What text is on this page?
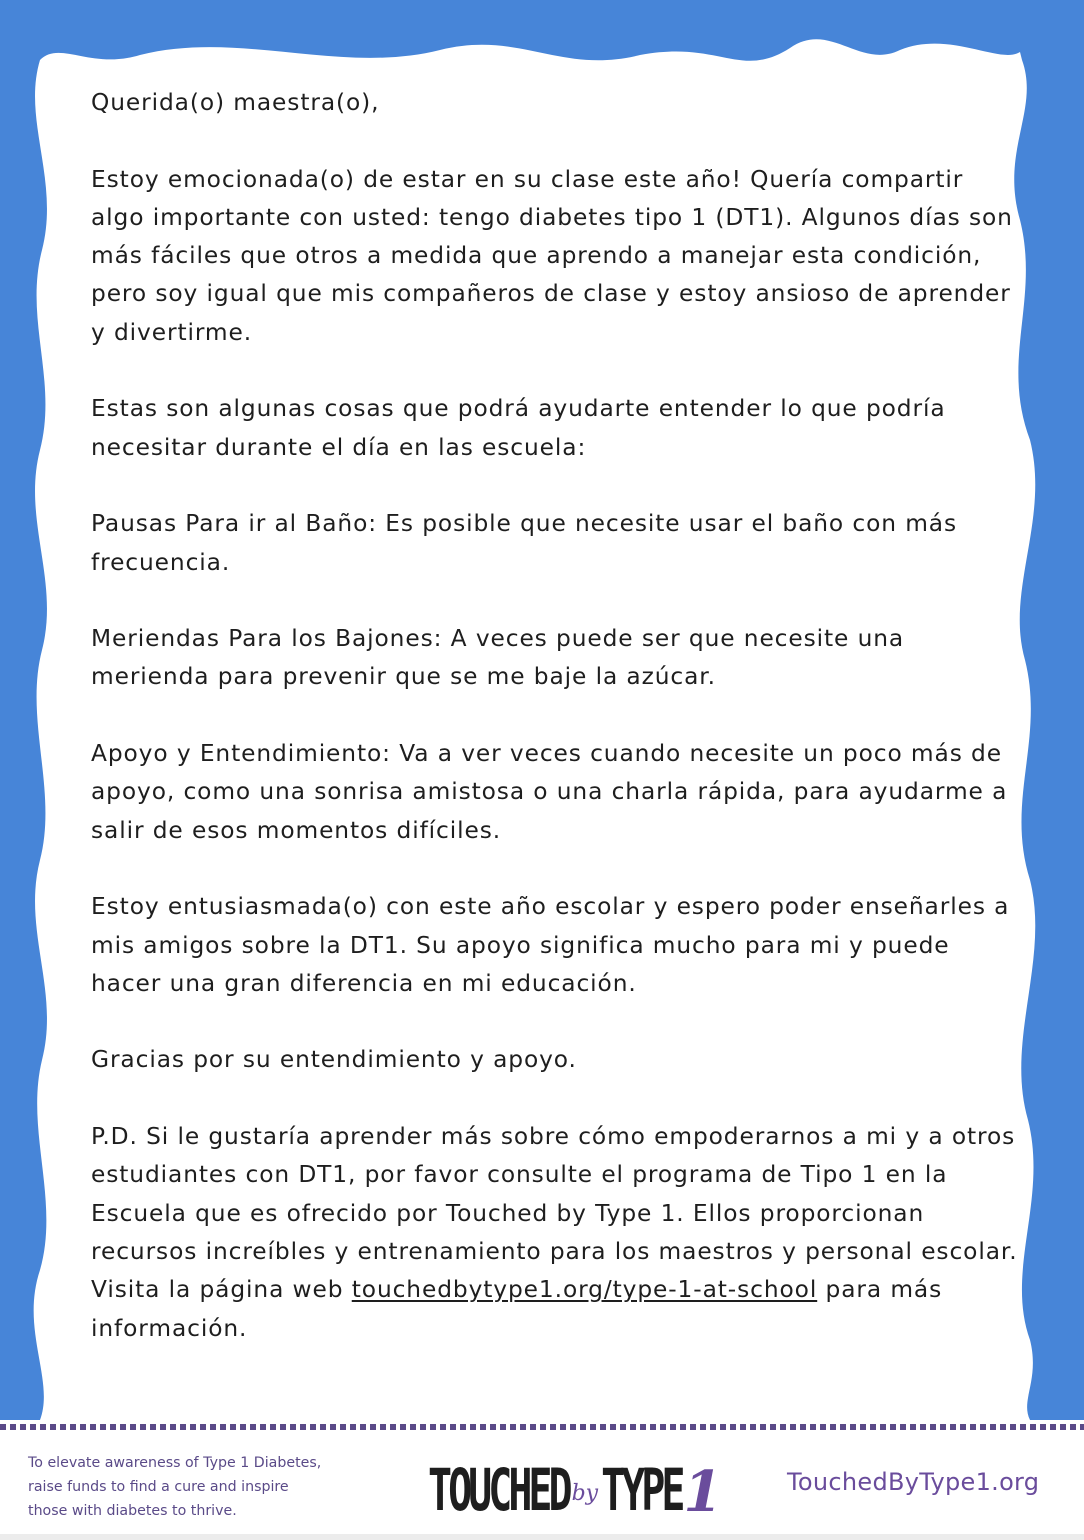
Querida(o) maestra(o),

Estoy emocionada(o) de estar en su clase este año! Quería compartir algo importante con usted: tengo diabetes tipo 1 (DT1). Algunos días son más fáciles que otros a medida que aprendo a manejar esta condición, pero soy igual que mis compañeros de clase y estoy ansioso de aprender y divertirme.

Estas son algunas cosas que podrá ayudarte entender lo que podría necesitar durante el día en las escuela:

Pausas Para ir al Baño: Es posible que necesite usar el baño con más frecuencia.

Meriendas Para los Bajones: A veces puede ser que necesite una merienda para prevenir que se me baje la azúcar.

Apoyo y Entendimiento: Va a ver veces cuando necesite un poco más de apoyo, como una sonrisa amistosa o una charla rápida, para ayudarme a salir de esos momentos difíciles.

Estoy entusiasmada(o) con este año escolar y espero poder enseñarles a mis amigos sobre la DT1. Su apoyo significa mucho para mi y puede hacer una gran diferencia en mi educación.

Gracias por su entendimiento y apoyo.

P.D. Si le gustaría aprender más sobre cómo empoderarnos a mi y a otros estudiantes con DT1, por favor consulte el programa de Tipo 1 en la Escuela que es ofrecido por Touched by Type 1. Ellos proporcionan recursos increíbles y entrenamiento para los maestros y personal escolar. Visita la página web touchedbytype1.org/type-1-at-school para más información.

To elevate awareness of Type 1 Diabetes,
raise funds to find a cure and inspire
those with diabetes to thrive.	TOUCHED by TYPE 1	TouchedByType1.org
